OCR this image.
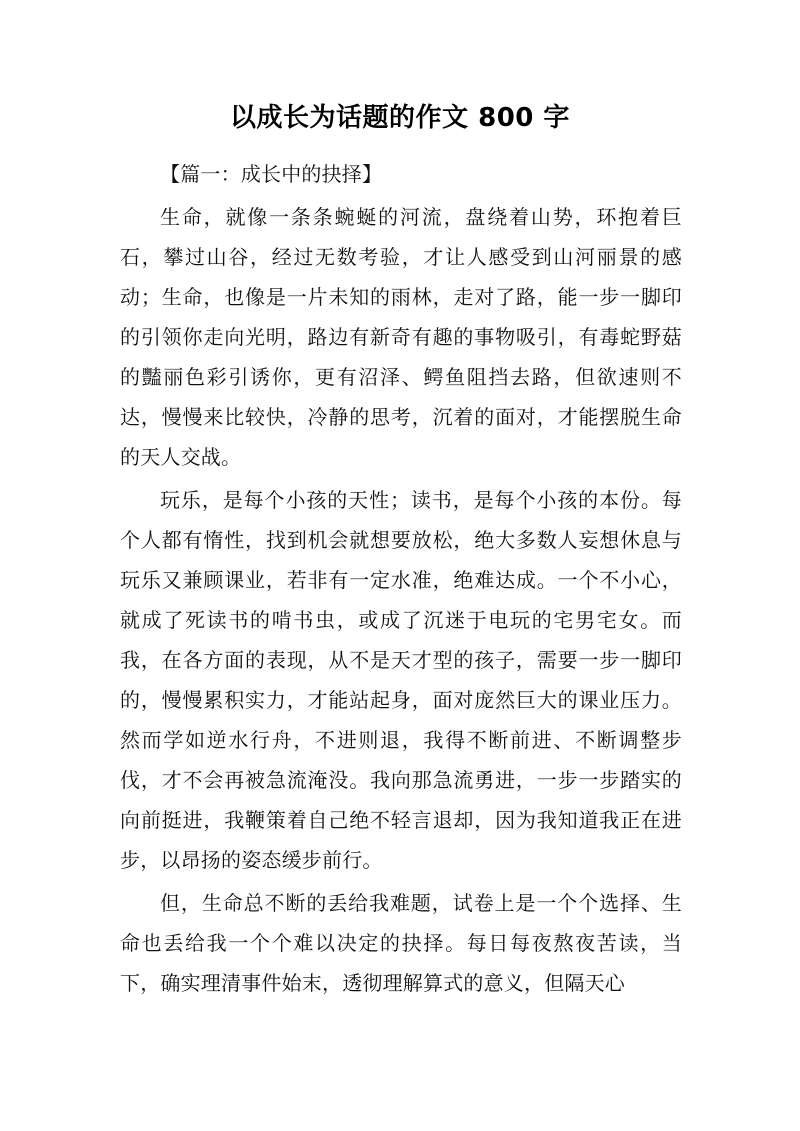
以成长为话题的作文 800 字

【篇一：成长中的抉择】

生命，就像一条条蜿蜒的河流，盘绕着山势，环抱着巨石，攀过山谷，经过无数考验，才让人感受到山河丽景的感动；生命，也像是一片未知的雨林，走对了路，能一步一脚印的引领你走向光明，路边有新奇有趣的事物吸引，有毒蛇野菇的豔丽色彩引诱你，更有沼泽、鳄鱼阻挡去路，但欲速则不达，慢慢来比较快，冷静的思考，沉着的面对，才能摆脱生命的天人交战。

玩乐，是每个小孩的天性；读书，是每个小孩的本份。每个人都有惰性，找到机会就想要放松，绝大多数人妄想休息与玩乐又兼顾课业，若非有一定水准，绝难达成。一个不小心，就成了死读书的啃书虫，或成了沉迷于电玩的宅男宅女。而我，在各方面的表现，从不是天才型的孩子，需要一步一脚印的，慢慢累积实力，才能站起身，面对庞然巨大的课业压力。然而学如逆水行舟，不进则退，我得不断前进、不断调整步伐，才不会再被急流淹没。我向那急流勇进，一步一步踏实的向前挺进，我鞭策着自己绝不轻言退却，因为我知道我正在进步，以昂扬的姿态缓步前行。

但，生命总不断的丢给我难题，试卷上是一个个选择、生命也丢给我一个个难以决定的抉择。每日每夜熬夜苦读，当下，确实理清事件始末，透彻理解算式的意义，但隔天心
